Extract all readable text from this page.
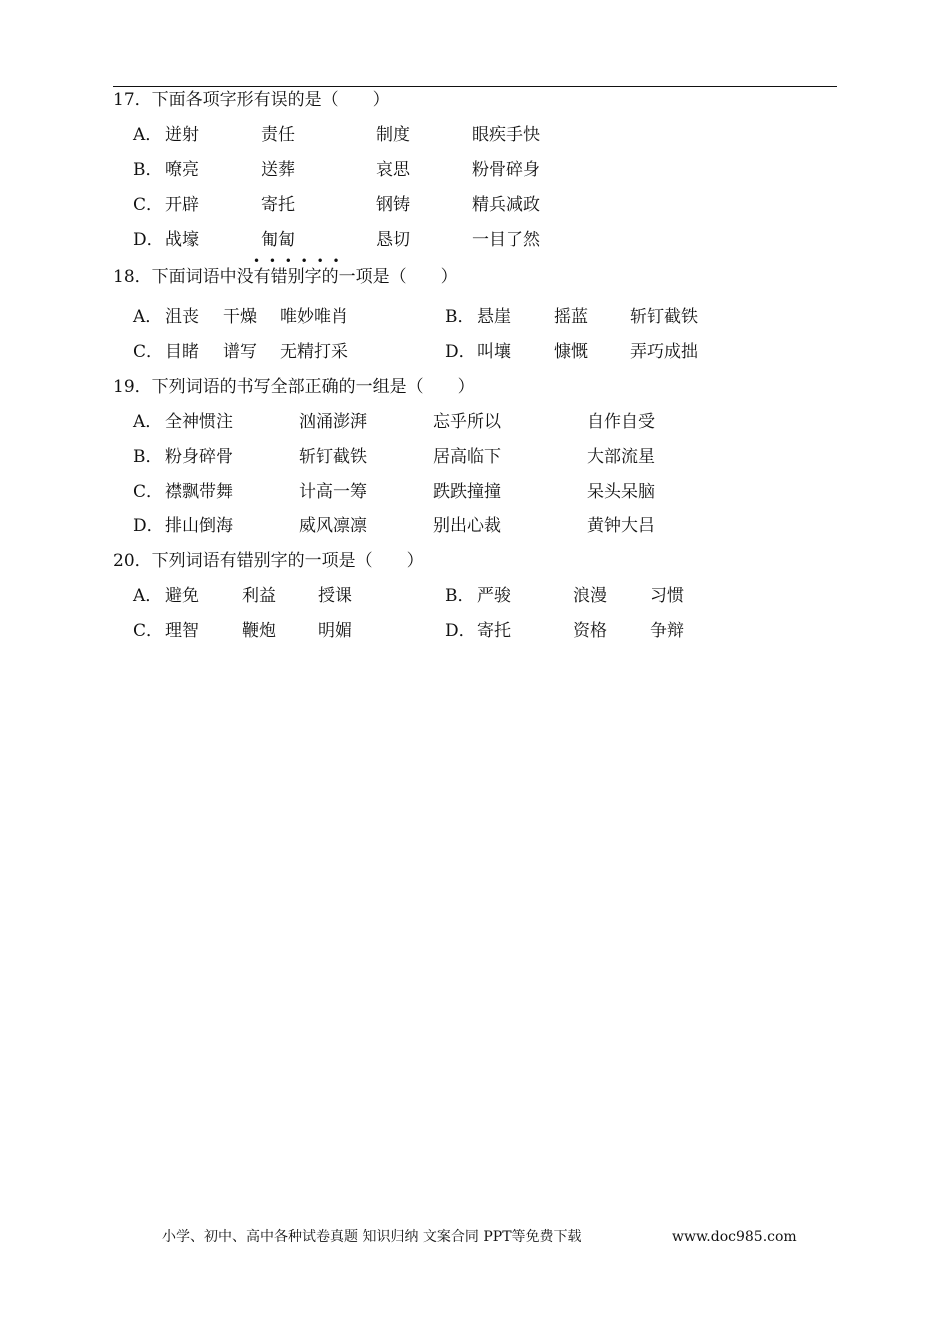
17．下面各项字形有误的是（　　）
A． 迸射	责任	制度	眼疾手快
B． 嘹亮	送葬	哀思	粉骨碎身
C． 开辟	寄托	钢铸	精兵减政
D． 战壕	匍匐	恳切	一目了然
• • • • • •
18．下面词语中没有错别字的一项是（　　）
A． 沮丧 干燥 唯妙唯肖	B． 悬崖	摇蓝 斩钉截铁
C． 目睹 谱写 无精打采	D． 叫壤	慷慨 弄巧成拙
19．下列词语的书写全部正确的一组是（　　）
A． 全神惯注	汹涌澎湃	忘乎所以	自作自受
B． 粉身碎骨	斩钉截铁	居高临下	大部流星
C． 襟飘带舞	计高一筹	跌跌撞撞	呆头呆脑
D． 排山倒海	威风凛凛	别出心裁	黄钟大吕
20．下列词语有错别字的一项是（　　）
A． 避免	利益 授课	B． 严骏	浪漫	习惯
C． 理智	鞭炮 明媚	D． 寄托	资格	争辩
小学、初中、高中各种试卷真题 知识归纳 文案合同 PPT等免费下载	www.doc985.com
